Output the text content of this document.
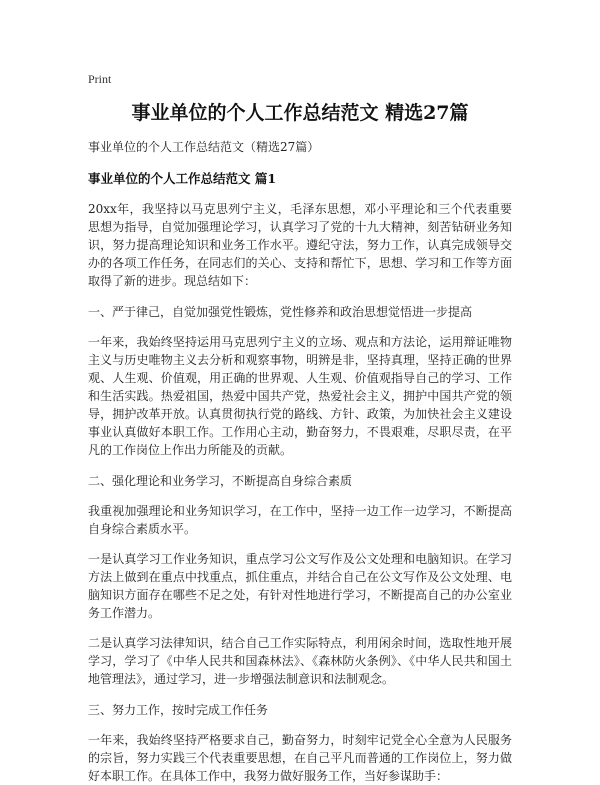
Print
事业单位的个人工作总结范文 精选27篇

事业单位的个人工作总结范文（精选27篇）

事业单位的个人工作总结范文 篇1

20xx年，我坚持以马克思列宁主义，毛泽东思想，邓小平理论和三个代表重要思想为指导，自觉加强理论学习，认真学习了党的十九大精神，刻苦钻研业务知识，努力提高理论知识和业务工作水平。遵纪守法，努力工作，认真完成领导交办的各项工作任务，在同志们的关心、支持和帮忙下，思想、学习和工作等方面取得了新的进步。现总结如下：

一、严于律己，自觉加强党性锻炼，党性修养和政治思想觉悟进一步提高

一年来，我始终坚持运用马克思列宁主义的立场、观点和方法论，运用辩证唯物主义与历史唯物主义去分析和观察事物，明辨是非，坚持真理，坚持正确的世界观、人生观、价值观，用正确的世界观、人生观、价值观指导自己的学习、工作和生活实践。热爱祖国，热爱中国共产党，热爱社会主义，拥护中国共产党的领导，拥护改革开放。认真贯彻执行党的路线、方针、政策，为加快社会主义建设事业认真做好本职工作。工作用心主动，勤奋努力，不畏艰难，尽职尽责，在平凡的工作岗位上作出力所能及的贡献。

二、强化理论和业务学习，不断提高自身综合素质

我重视加强理论和业务知识学习，在工作中，坚持一边工作一边学习，不断提高自身综合素质水平。

一是认真学习工作业务知识，重点学习公文写作及公文处理和电脑知识。在学习方法上做到在重点中找重点，抓住重点，并结合自己在公文写作及公文处理、电脑知识方面存在哪些不足之处，有针对性地进行学习，不断提高自己的办公室业务工作潜力。

二是认真学习法律知识，结合自己工作实际特点，利用闲余时间，选取性地开展学习，学习了《中华人民共和国森林法》、《森林防火条例》、《中华人民共和国土地管理法》，通过学习，进一步增强法制意识和法制观念。

三、努力工作，按时完成工作任务

一年来，我始终坚持严格要求自己，勤奋努力，时刻牢记党全心全意为人民服务的宗旨，努力实践三个代表重要思想，在自己平凡而普通的工作岗位上，努力做好本职工作。在具体工作中，我努力做好服务工作，当好参谋助手：
